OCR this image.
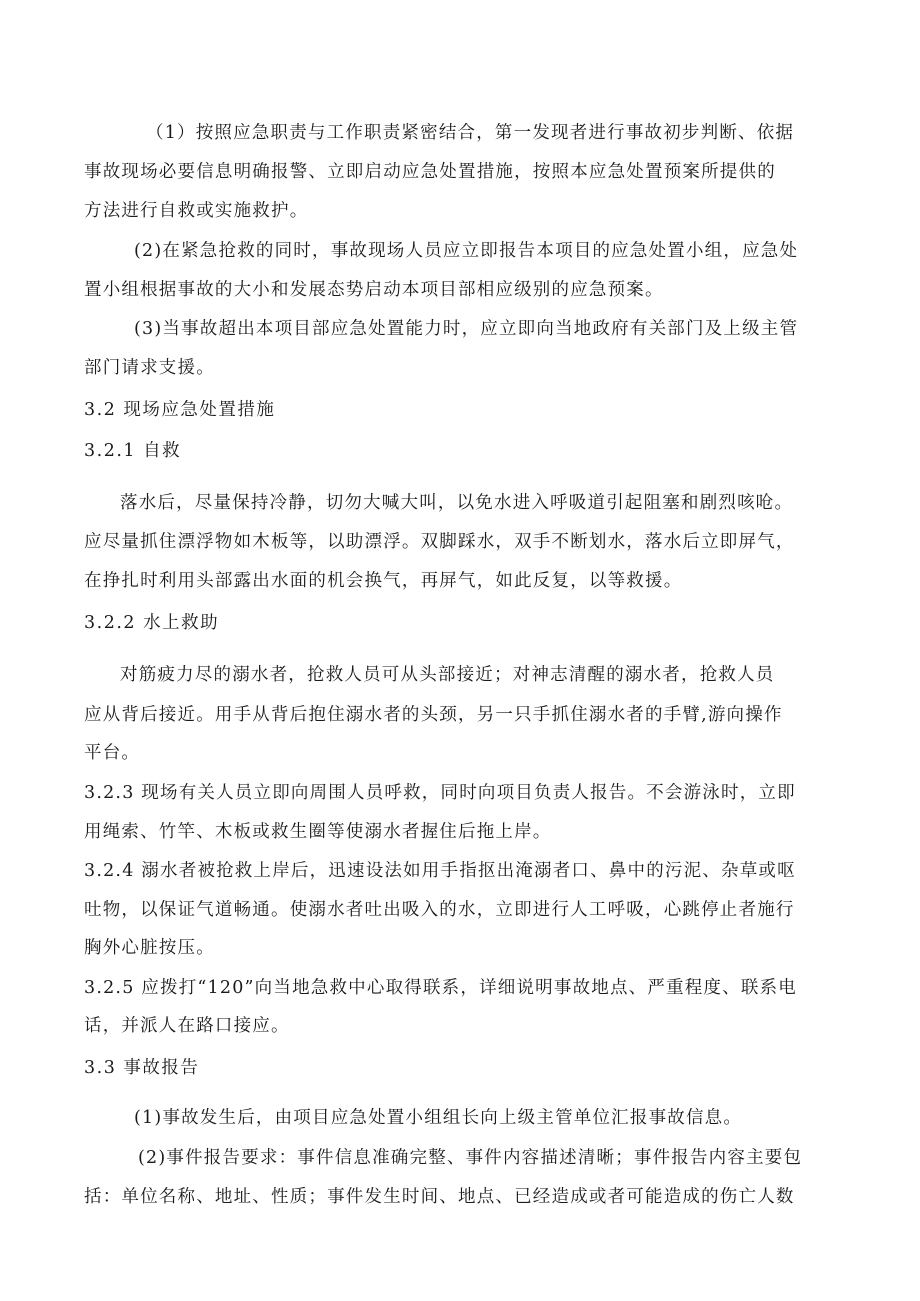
（1）按照应急职责与工作职责紧密结合，第一发现者进行事故初步判断、依据
事故现场必要信息明确报警、立即启动应急处置措施，按照本应急处置预案所提供的
方法进行自救或实施救护。
(2)在紧急抢救的同时，事故现场人员应立即报告本项目的应急处置小组，应急处
置小组根据事故的大小和发展态势启动本项目部相应级别的应急预案。
(3)当事故超出本项目部应急处置能力时，应立即向当地政府有关部门及上级主管
部门请求支援。
3.2 现场应急处置措施
3.2.1 自救
落水后，尽量保持冷静，切勿大喊大叫，以免水进入呼吸道引起阻塞和剧烈咳呛。
应尽量抓住漂浮物如木板等，以助漂浮。双脚踩水，双手不断划水，落水后立即屏气，
在挣扎时利用头部露出水面的机会换气，再屏气，如此反复，以等救援。
3.2.2 水上救助
对筋疲力尽的溺水者，抢救人员可从头部接近；对神志清醒的溺水者，抢救人员
应从背后接近。用手从背后抱住溺水者的头颈，另一只手抓住溺水者的手臂,游向操作
平台。
3.2.3 现场有关人员立即向周围人员呼救，同时向项目负责人报告。不会游泳时，立即
用绳索、竹竿、木板或救生圈等使溺水者握住后拖上岸。
3.2.4 溺水者被抢救上岸后，迅速设法如用手指抠出淹溺者口、鼻中的污泥、杂草或呕
吐物，以保证气道畅通。使溺水者吐出吸入的水，立即进行人工呼吸，心跳停止者施行
胸外心脏按压。
3.2.5 应拨打“120”向当地急救中心取得联系，详细说明事故地点、严重程度、联系电
话，并派人在路口接应。
3.3 事故报告
(1)事故发生后，由项目应急处置小组组长向上级主管单位汇报事故信息。
(2)事件报告要求：事件信息准确完整、事件内容描述清晰；事件报告内容主要包
括：单位名称、地址、性质；事件发生时间、地点、已经造成或者可能造成的伤亡人数
